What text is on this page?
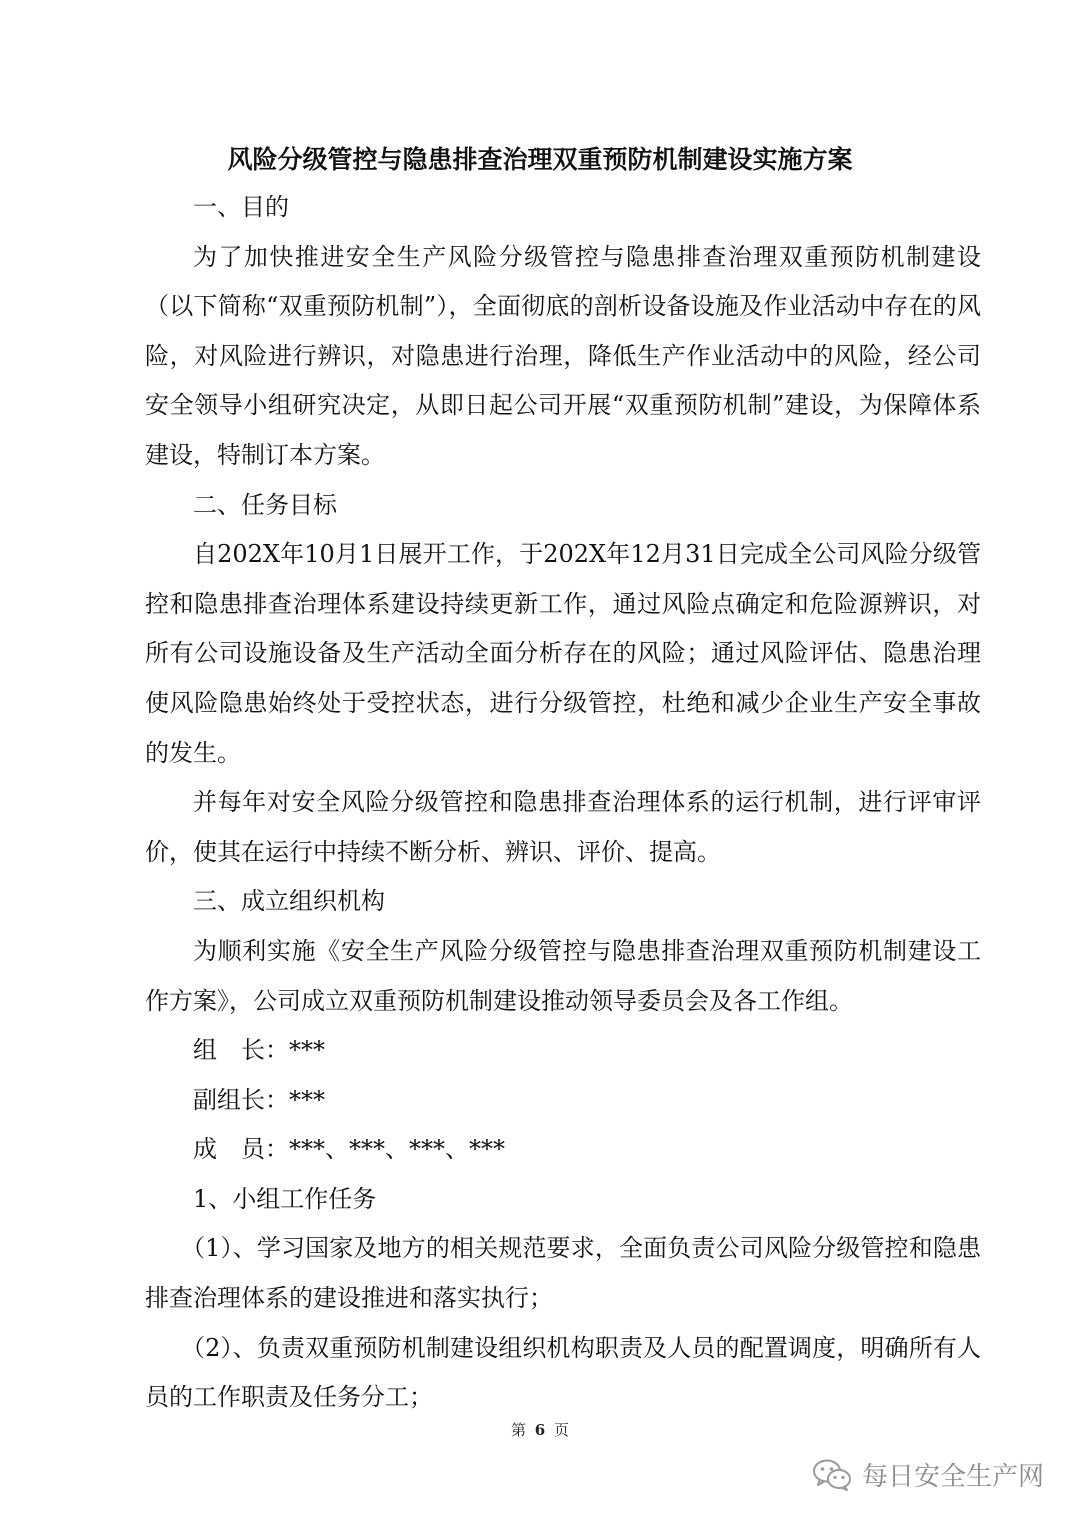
风险分级管控与隐患排查治理双重预防机制建设实施方案

一、目的

为了加快推进安全生产风险分级管控与隐患排查治理双重预防机制建设（以下简称“双重预防机制”），全面彻底的剖析设备设施及作业活动中存在的风险，对风险进行辨识，对隐患进行治理，降低生产作业活动中的风险，经公司安全领导小组研究决定，从即日起公司开展“双重预防机制”建设，为保障体系建设，特制订本方案。

二、任务目标

自202X年10月1日展开工作，于202X年12月31日完成全公司风险分级管控和隐患排查治理体系建设持续更新工作，通过风险点确定和危险源辨识，对所有公司设施设备及生产活动全面分析存在的风险；通过风险评估、隐患治理使风险隐患始终处于受控状态，进行分级管控，杜绝和减少企业生产安全事故的发生。

并每年对安全风险分级管控和隐患排查治理体系的运行机制，进行评审评价，使其在运行中持续不断分析、辨识、评价、提高。

三、成立组织机构

为顺利实施《安全生产风险分级管控与隐患排查治理双重预防机制建设工作方案》，公司成立双重预防机制建设推动领导委员会及各工作组。

组　长：***

副组长：***

成　员：***、***、***、***

1、小组工作任务

（1）、学习国家及地方的相关规范要求，全面负责公司风险分级管控和隐患排查治理体系的建设推进和落实执行；

（2）、负责双重预防机制建设组织机构职责及人员的配置调度，明确所有人员的工作职责及任务分工；

第 6 页
每日安全生产网
